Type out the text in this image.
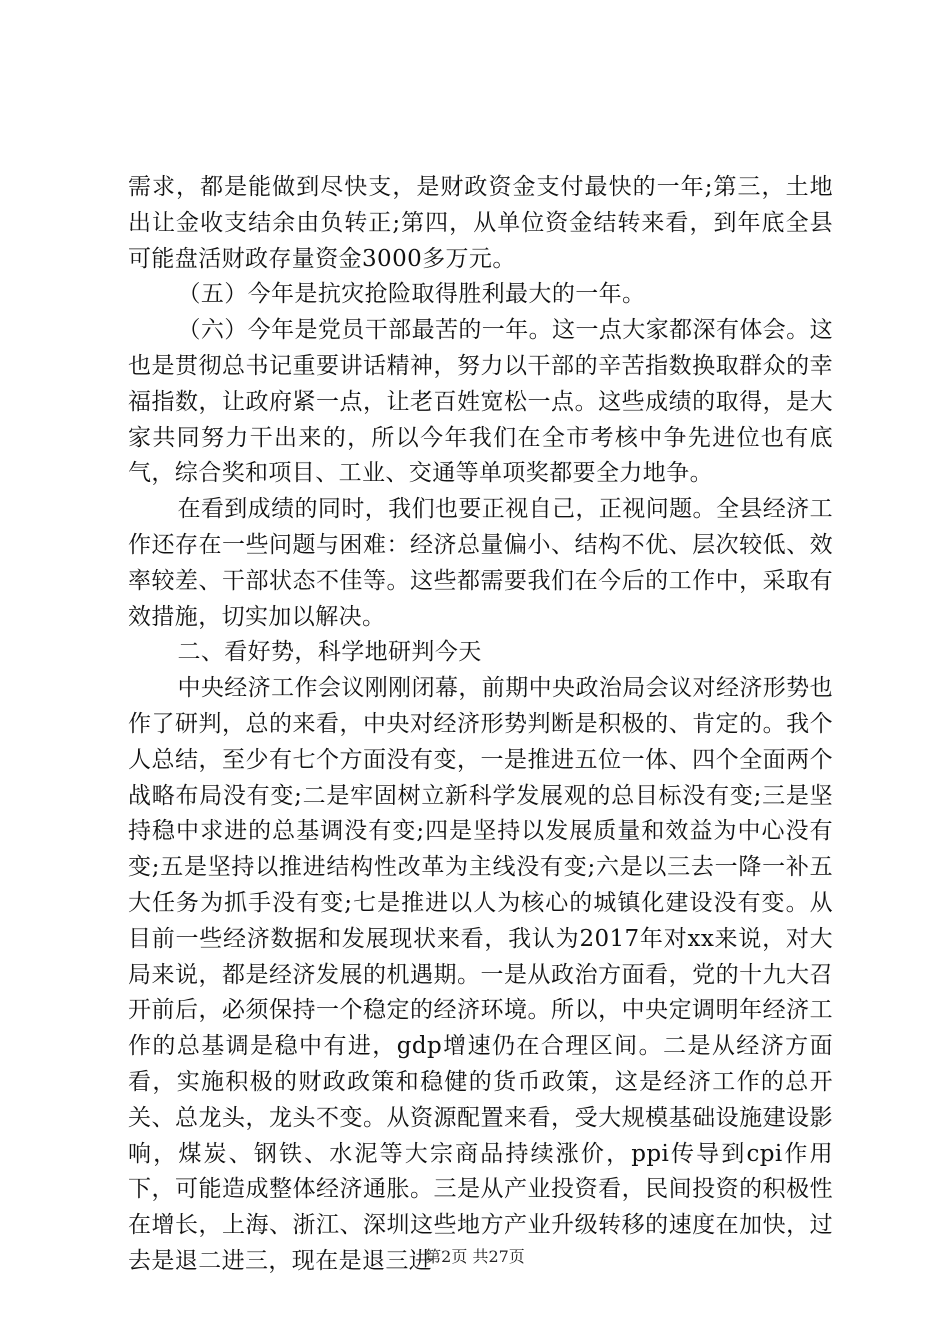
需求，都是能做到尽快支，是财政资金支付最快的一年;第三，土地出让金收支结余由负转正;第四，从单位资金结转来看，到年底全县可能盘活财政存量资金3000多万元。

（五）今年是抗灾抢险取得胜利最大的一年。

（六）今年是党员干部最苦的一年。这一点大家都深有体会。这也是贯彻总书记重要讲话精神，努力以干部的辛苦指数换取群众的幸福指数，让政府紧一点，让老百姓宽松一点。这些成绩的取得，是大家共同努力干出来的，所以今年我们在全市考核中争先进位也有底气，综合奖和项目、工业、交通等单项奖都要全力地争。

在看到成绩的同时，我们也要正视自己，正视问题。全县经济工作还存在一些问题与困难：经济总量偏小、结构不优、层次较低、效率较差、干部状态不佳等。这些都需要我们在今后的工作中，采取有效措施，切实加以解决。

二、看好势，科学地研判今天

中央经济工作会议刚刚闭幕，前期中央政治局会议对经济形势也作了研判，总的来看，中央对经济形势判断是积极的、肯定的。我个人总结，至少有七个方面没有变，一是推进五位一体、四个全面两个战略布局没有变;二是牢固树立新科学发展观的总目标没有变;三是坚持稳中求进的总基调没有变;四是坚持以发展质量和效益为中心没有变;五是坚持以推进结构性改革为主线没有变;六是以三去一降一补五大任务为抓手没有变;七是推进以人为核心的城镇化建设没有变。从目前一些经济数据和发展现状来看，我认为2017年对xx来说，对大局来说，都是经济发展的机遇期。一是从政治方面看，党的十九大召开前后，必须保持一个稳定的经济环境。所以，中央定调明年经济工作的总基调是稳中有进，gdp增速仍在合理区间。二是从经济方面看，实施积极的财政政策和稳健的货币政策，这是经济工作的总开关、总龙头，龙头不变。从资源配置来看，受大规模基础设施建设影响，煤炭、钢铁、水泥等大宗商品持续涨价，ppi传导到cpi作用下，可能造成整体经济通胀。三是从产业投资看，民间投资的积极性在增长，上海、浙江、深圳这些地方产业升级转移的速度在加快，过去是退二进三，现在是退三进

第2页 共27页
